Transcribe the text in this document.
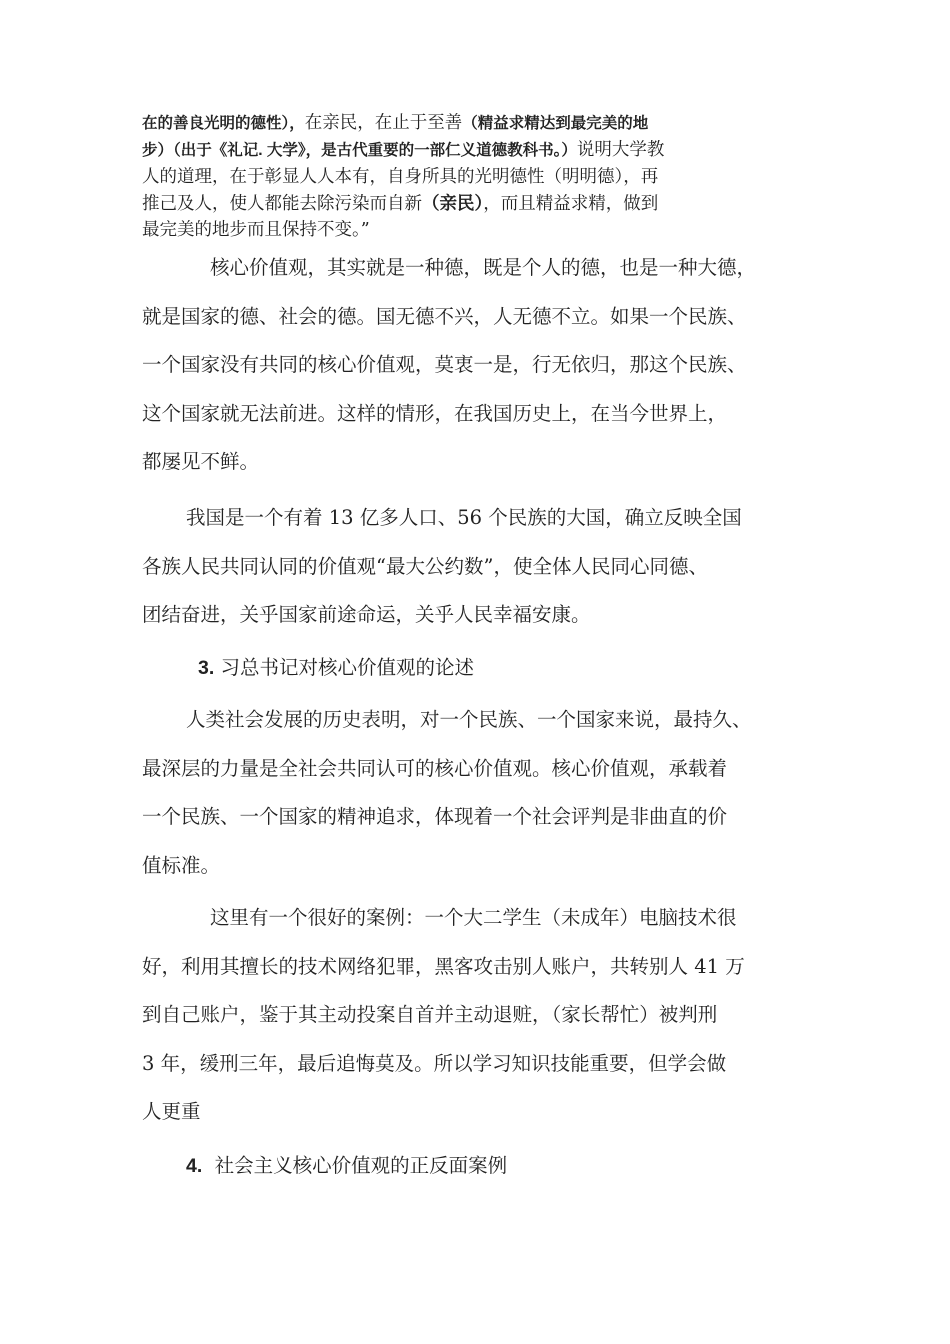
在的善良光明的德性），在亲民，在止于至善（精益求精达到最完美的地
步）（出于《礼记. 大学》，是古代重要的一部仁义道德教科书。）说明大学教
人的道理，在于彰显人人本有，自身所具的光明德性（明明德），再
推己及人，使人都能去除污染而自新（亲民），而且精益求精，做到
最完美的地步而且保持不变。”
核心价值观，其实就是一种德，既是个人的德，也是一种大德，
就是国家的德、社会的德。国无德不兴，人无德不立。如果一个民族、
一个国家没有共同的核心价值观，莫衷一是，行无依归，那这个民族、
这个国家就无法前进。这样的情形，在我国历史上，在当今世界上，
都屡见不鲜。
我国是一个有着 13 亿多人口、56 个民族的大国，确立反映全国
各族人民共同认同的价值观“最大公约数”，使全体人民同心同德、
团结奋进，关乎国家前途命运，关乎人民幸福安康。
3. 习总书记对核心价值观的论述
人类社会发展的历史表明，对一个民族、一个国家来说，最持久、
最深层的力量是全社会共同认可的核心价值观。核心价值观，承载着
一个民族、一个国家的精神追求，体现着一个社会评判是非曲直的价
值标准。
这里有一个很好的案例：一个大二学生（未成年）电脑技术很
好，利用其擅长的技术网络犯罪，黑客攻击别人账户，共转别人 41 万
到自己账户，鉴于其主动投案自首并主动退赃，（家长帮忙）被判刑
3 年，缓刑三年，最后追悔莫及。所以学习知识技能重要，但学会做
人更重
4. 社会主义核心价值观的正反面案例
